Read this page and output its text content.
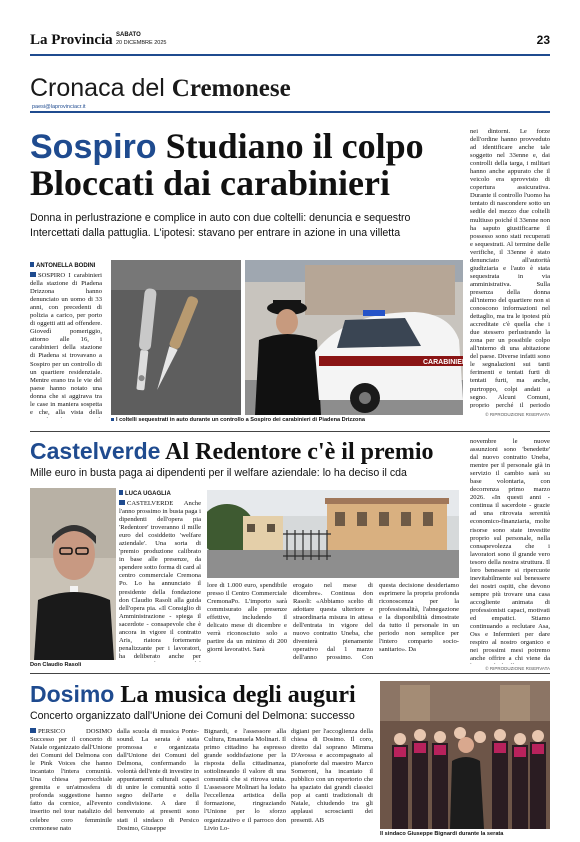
La Provincia SABATO
20 DICEMBRE 2025	23
Cronaca del Cremonese
paesi@laprovinciacr.it
Sospiro Studiano il colpo
Bloccati dai carabinieri
Donna in perlustrazione e complice in auto con due coltelli: denuncia e sequestro
Intercettati dalla pattuglia. L'ipotesi: stavano per entrare in azione in una villetta
ANTONELLA BODINI
SOSPIRO I carabinieri della stazione di Piadena Drizzona hanno denunciato un uomo di 33 anni, con precedenti di polizia a carico, per porto di oggetti atti ad offendere. Giovedì pomeriggio, attorno alle 16, i carabinieri della stazione di Piadena si trovavano a Sospiro per un controllo di un quartiere residenziale. Mentre erano tra le vie del paese hanno notato una donna che si aggirava tra le case in maniera sospetta e che, alla vista della
CARABINIE
I coltelli sequestrati in auto durante un controllo a Sospiro dei carabinieri di Piadena Drizzona
nei dintorni. Le forze dell'ordine hanno provveduto ad identificare anche tale soggetto nel 33enne e, dai controlli della targa, i militari hanno anche appurato che il veicolo era sprovvisto di copertura assicurativa. Durante il controllo l'uomo ha tentato di nascondere sotto un sedile del mezzo due coltelli multiuso poiché il 33enne non ha saputo giustificarne il possesso sono stati recuperati e sequestrati. Al termine delle verifiche, il 33enne è stato denunciato all'autorità giudiziaria e l'auto è stata sequestrata in via amministrativa. Sulla presenza della donna all'interno del quartiere non si conoscono informazioni nel dettaglio, ma tra le ipotesi più accreditate c'è quella che i due stessero perlustrando la zona per un possibile colpo all'interno di una abitazione del paese. Diverse infatti sono le segnalazioni sui tanti ferimenti e tentati furti di tentati furti, ma anche, purtroppo, colpi andati a segno. Alcuni Comuni, proprio perché il periodo
© RIPRODUZIONE RISERVATA
Castelverde Al Redentore c'è il premio
Mille euro in busta paga ai dipendenti per il welfare aziendale: lo ha deciso il cda
Don Claudio Rasoli
LUCA UGAGLIA
CASTELVERDE Anche l'anno prossimo in busta paga i dipendenti dell'opera pia 'Redentore' troveranno il mille euro del cosiddetto 'welfare aziendale'. Una sorta di 'premio produzione calibrato in base alle presenze, da spendere sotto forma di card al centro commerciale Cremona Po. Lo ha annunciato il presidente della fondazione don Claudio Rasoli alla guida dell'opera pia. «Il Consiglio di Amministrazione - spiega il sacerdote - consapevole che è ancora in vigore il contratto Aris, riatora fortemente penalizzante per i lavoratori, ha deliberato anche per
lore di 1.000 euro, spendibile presso il Centro Commerciale CremonaPo. L'importo sarà commisurato alle presenze effettive, includendo il delicato mese di dicembre e verrà riconosciuto solo a partire da un minimo di 200 giorni lavorativi. Sarà
erogato nel mese di dicembre». Continua don Rasoli: «Abbiamo scelto di adottare questa ulteriore e straordinaria misura in attesa dell'entrata in vigore del nuovo contratto Uneba, che diventerà pienamente operativo dal 1 marzo dell'anno prossimo. Con questa decisione desideriamo esprimere la propria profonda riconoscenza per la professionalità, l'abnegazione e la disponibilità dimostrate da tutto il personale in un periodo non semplice per l'intero comparto socio-sanitario». Da
novembre le nuove assunzioni sono 'benedette' dal nuovo contratto Uneba, mentre per il personale già in servizio il cambio sarà su base volontaria, con decorrenza primo marzo 2026. «In questi anni - continua il sacerdote - grazie ad una ritrovata serenità economico-finanziaria, molte risorse sono state investite proprio sul personale, nella consapevolezza che i lavoratori sono il grande vero tesoro della nostra struttura. Il loro benessere si ripercuote inevitabilmente sul benessere dei nostri ospiti, che devono sempre più trovare una casa accogliente animata di professionisti capaci, motivati ed empatici. Stiamo continuando a reclutare Asa, Oss e Infermieri per dare respiro al nostro organico e nei prossimi mesi potremo anche offrire a chi viene da
© RIPRODUZIONE RISERVATA
Dosimo La musica degli auguri
Concerto organizzato dall'Unione dei Comuni del Delmona: successo
PERSICO DOSIMO Successo per il concerto di Natale organizzato dall'Unione dei Comuni del Delmona con le Pink Voices che hanno incantato l'intera comunità. Una chiesa parrocchiale gremita e un'atmosfera di profonda suggestione hanno fatto da cornice, all'evento inserito nel tour natalizio del celebre coro femminile cremonese nato
dalla scuola di musica Ponte-sound. La serata è stata promossa e organizzata dall'Unione dei Comuni del Delmona, confermando la volontà dell'ente di investire in appuntamenti culturali capaci di unire le comunità sotto il segno dell'arte e della condivisione. A dare il benvenuto ai presenti sono stati il sindaco di Persico Dosimo, Giuseppe
Bignardi, e l'assessore alla Cultura, Emanuela Molinari. Il primo cittadino ha espresso grande soddisfazione per la risposta della cittadinanza, sottolineando il valore di una comunità che si ritrova unita. L'assessore Molinari ha lodato l'eccellenza artistica della formazione, ringraziando l'Unione per lo sforzo organizzativo e il parroco don Livio Lo-
digiani per l'accoglienza della chiesa di Dosimo. Il coro, diretto dal soprano Mimma D'Avossa e accompagnato al pianoforte dal maestro Marco Someroni, ha incantato il pubblico con un repertorio che ha spaziato dai grandi classici pop ai canti tradizionali di Natale, chiudendo tra gli applausi scroscianti dei presenti. AB
Il sindaco Giuseppe Bignardi durante la serata
